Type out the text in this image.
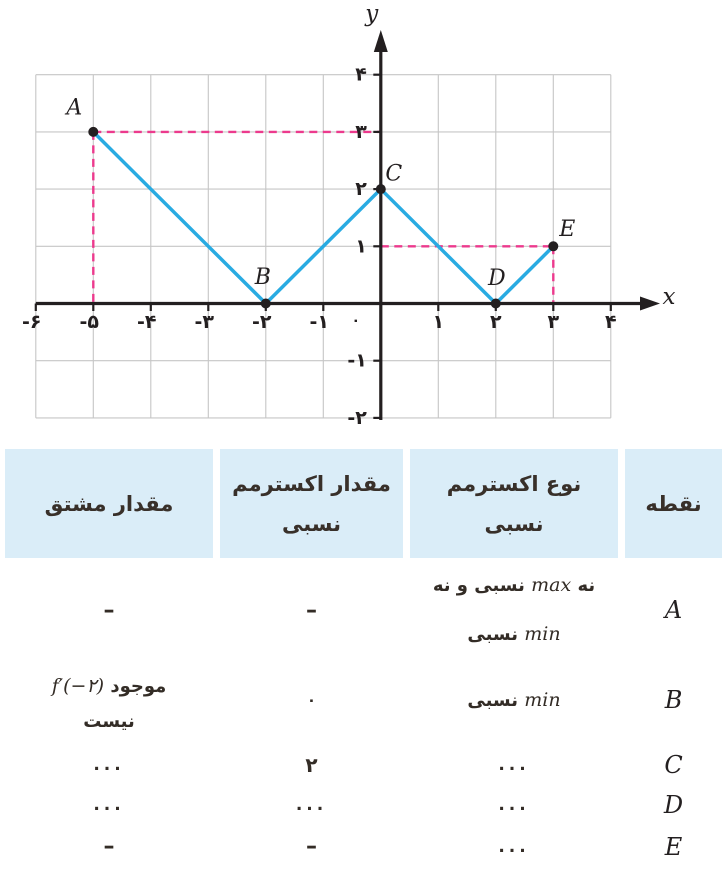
-۶ -۵ -۴ -۳ -۲ -۱	۱ ۲ ۳ ۴
۴
۳
۲
۱
-۱
-۲
۰
x
y
A
B
C
D
E
نقطه
نوع اکسترمم
نسبی
مقدار اکسترمم
نسبی
مقدار مشتق
A
نه max نسبی و نه
min نسبی
–
–
B
min نسبی
۰
f′(−۲) موجود
نیست
C
...
۲
...
D
...
...
...
E
...
–
–
